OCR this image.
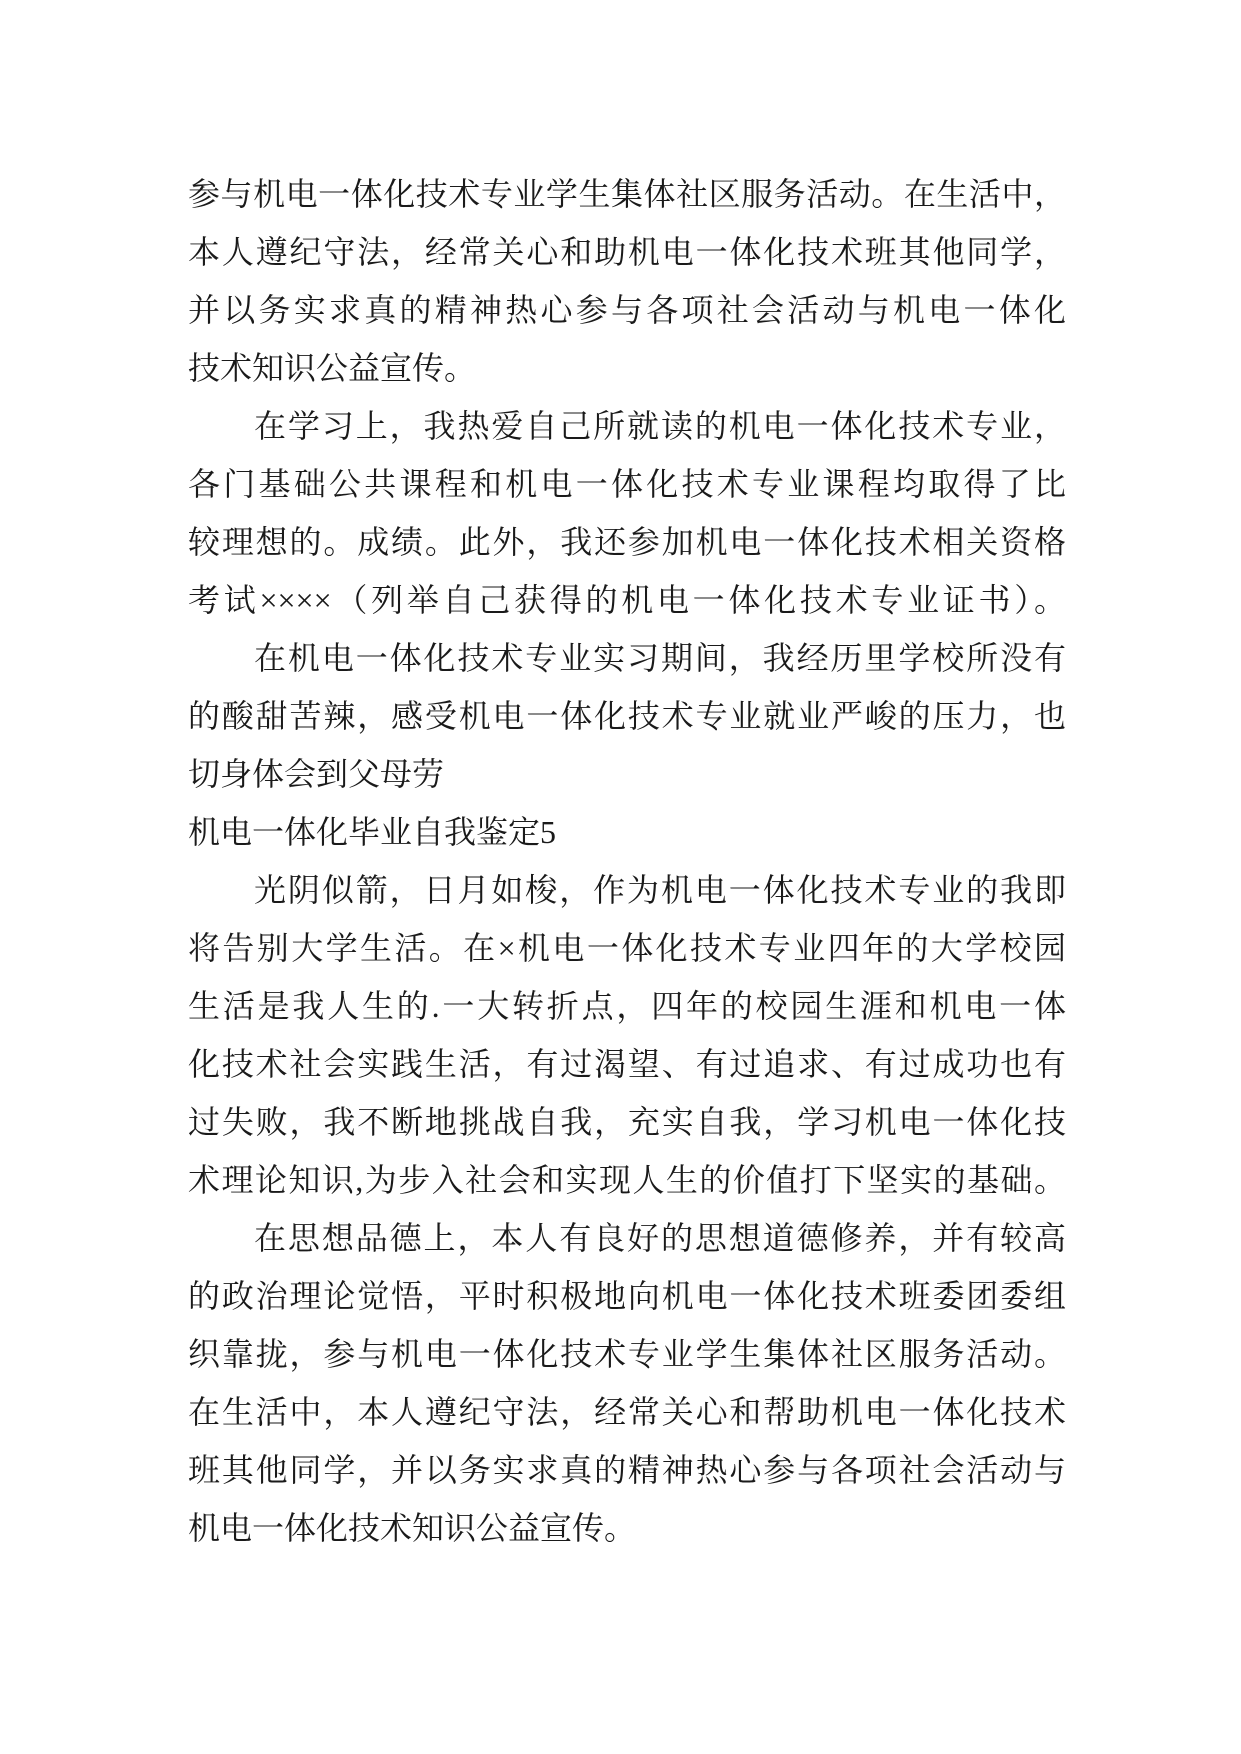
参与机电一体化技术专业学生集体社区服务活动。在生活中，
本人遵纪守法，经常关心和助机电一体化技术班其他同学，
并以务实求真的精神热心参与各项社会活动与机电一体化
技术知识公益宣传。
在学习上，我热爱自己所就读的机电一体化技术专业，
各门基础公共课程和机电一体化技术专业课程均取得了比
较理想的。成绩。此外，我还参加机电一体化技术相关资格
考试××××（列举自己获得的机电一体化技术专业证书）。
在机电一体化技术专业实习期间，我经历里学校所没有
的酸甜苦辣，感受机电一体化技术专业就业严峻的压力，也
切身体会到父母劳
机电一体化毕业自我鉴定5
光阴似箭，日月如梭，作为机电一体化技术专业的我即
将告别大学生活。在×机电一体化技术专业四年的大学校园
生活是我人生的.一大转折点，四年的校园生涯和机电一体
化技术社会实践生活，有过渴望、有过追求、有过成功也有
过失败，我不断地挑战自我，充实自我，学习机电一体化技
术理论知识,为步入社会和实现人生的价值打下坚实的基础。
在思想品德上，本人有良好的思想道德修养，并有较高
的政治理论觉悟，平时积极地向机电一体化技术班委团委组
织靠拢，参与机电一体化技术专业学生集体社区服务活动。
在生活中，本人遵纪守法，经常关心和帮助机电一体化技术
班其他同学，并以务实求真的精神热心参与各项社会活动与
机电一体化技术知识公益宣传。
